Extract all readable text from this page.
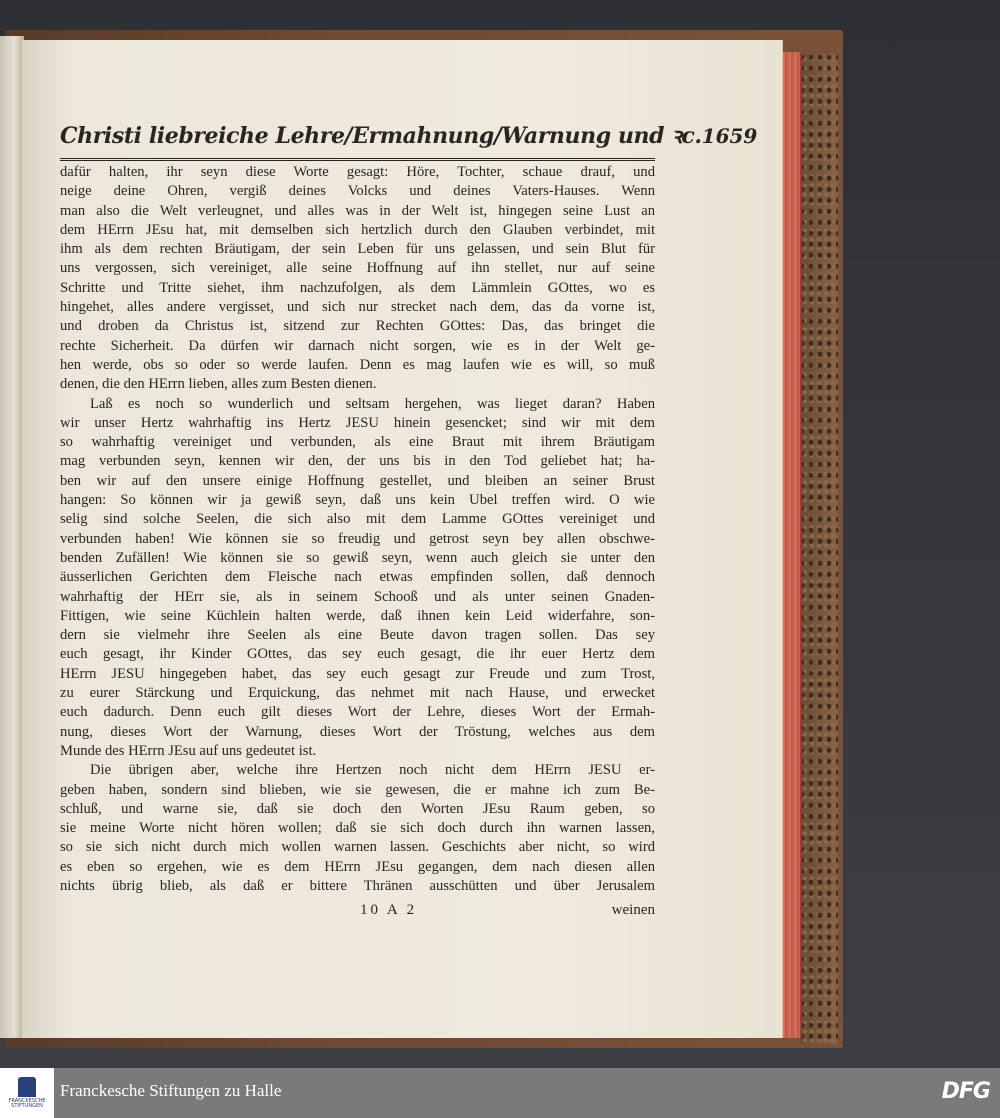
Christi liebreiche Lehre/Ermahnung/Warnung und ꝛc. 1659
dafür halten, ihr seyn diese Worte gesagt: Höre, Tochter, schaue drauf, und
neige deine Ohren, vergiß deines Volcks und deines Vaters-Hauses. Wenn
man also die Welt verleugnet, und alles was in der Welt ist, hingegen seine Lust an
dem HErrn JEsu hat, mit demselben sich hertzlich durch den Glauben verbindet, mit
ihm als dem rechten Bräutigam, der sein Leben für uns gelassen, und sein Blut für
uns vergossen, sich vereiniget, alle seine Hoffnung auf ihn stellet, nur auf seine
Schritte und Tritte siehet, ihm nachzufolgen, als dem Lämmlein GOttes, wo es
hingehet, alles andere vergisset, und sich nur strecket nach dem, das da vorne ist,
und droben da Christus ist, sitzend zur Rechten GOttes: Das, das bringet die
rechte Sicherheit. Da dürfen wir darnach nicht sorgen, wie es in der Welt ge-
hen werde, obs so oder so werde laufen. Denn es mag laufen wie es will, so muß
denen, die den HErrn lieben, alles zum Besten dienen.
Laß es noch so wunderlich und seltsam hergehen, was lieget daran? Haben
wir unser Hertz wahrhaftig ins Hertz JESU hinein gesencket; sind wir mit dem
so wahrhaftig vereiniget und verbunden, als eine Braut mit ihrem Bräutigam
mag verbunden seyn, kennen wir den, der uns bis in den Tod geliebet hat; ha-
ben wir auf den unsere einige Hoffnung gestellet, und bleiben an seiner Brust
hangen: So können wir ja gewiß seyn, daß uns kein Ubel treffen wird. O wie
selig sind solche Seelen, die sich also mit dem Lamme GOttes vereiniget und
verbunden haben! Wie können sie so freudig und getrost seyn bey allen obschwe-
benden Zufällen! Wie können sie so gewiß seyn, wenn auch gleich sie unter den
äusserlichen Gerichten dem Fleische nach etwas empfinden sollen, daß dennoch
wahrhaftig der HErr sie, als in seinem Schooß und als unter seinen Gnaden-
Fittigen, wie seine Küchlein halten werde, daß ihnen kein Leid widerfahre, son-
dern sie vielmehr ihre Seelen als eine Beute davon tragen sollen. Das sey
euch gesagt, ihr Kinder GOttes, das sey euch gesagt, die ihr euer Hertz dem
HErrn JESU hingegeben habet, das sey euch gesagt zur Freude und zum Trost,
zu eurer Stärckung und Erquickung, das nehmet mit nach Hause, und erwecket
euch dadurch. Denn euch gilt dieses Wort der Lehre, dieses Wort der Ermah-
nung, dieses Wort der Warnung, dieses Wort der Tröstung, welches aus dem
Munde des HErrn JEsu auf uns gedeutet ist.
Die übrigen aber, welche ihre Hertzen noch nicht dem HErrn JESU er-
geben haben, sondern sind blieben, wie sie gewesen, die er mahne ich zum Be-
schluß, und warne sie, daß sie doch den Worten JEsu Raum geben, so
sie meine Worte nicht hören wollen; daß sie sich doch durch ihn warnen lassen,
so sie sich nicht durch mich wollen warnen lassen. Geschichts aber nicht, so wird
es eben so ergehen, wie es dem HErrn JEsu gegangen, dem nach diesen allen
nichts übrig blieb, als daß er bittere Thränen ausschütten und über Jerusalem
10 A 2	weinen
FRANCKESCHE STIFTUNGEN
Franckesche Stiftungen zu Halle	DFG
